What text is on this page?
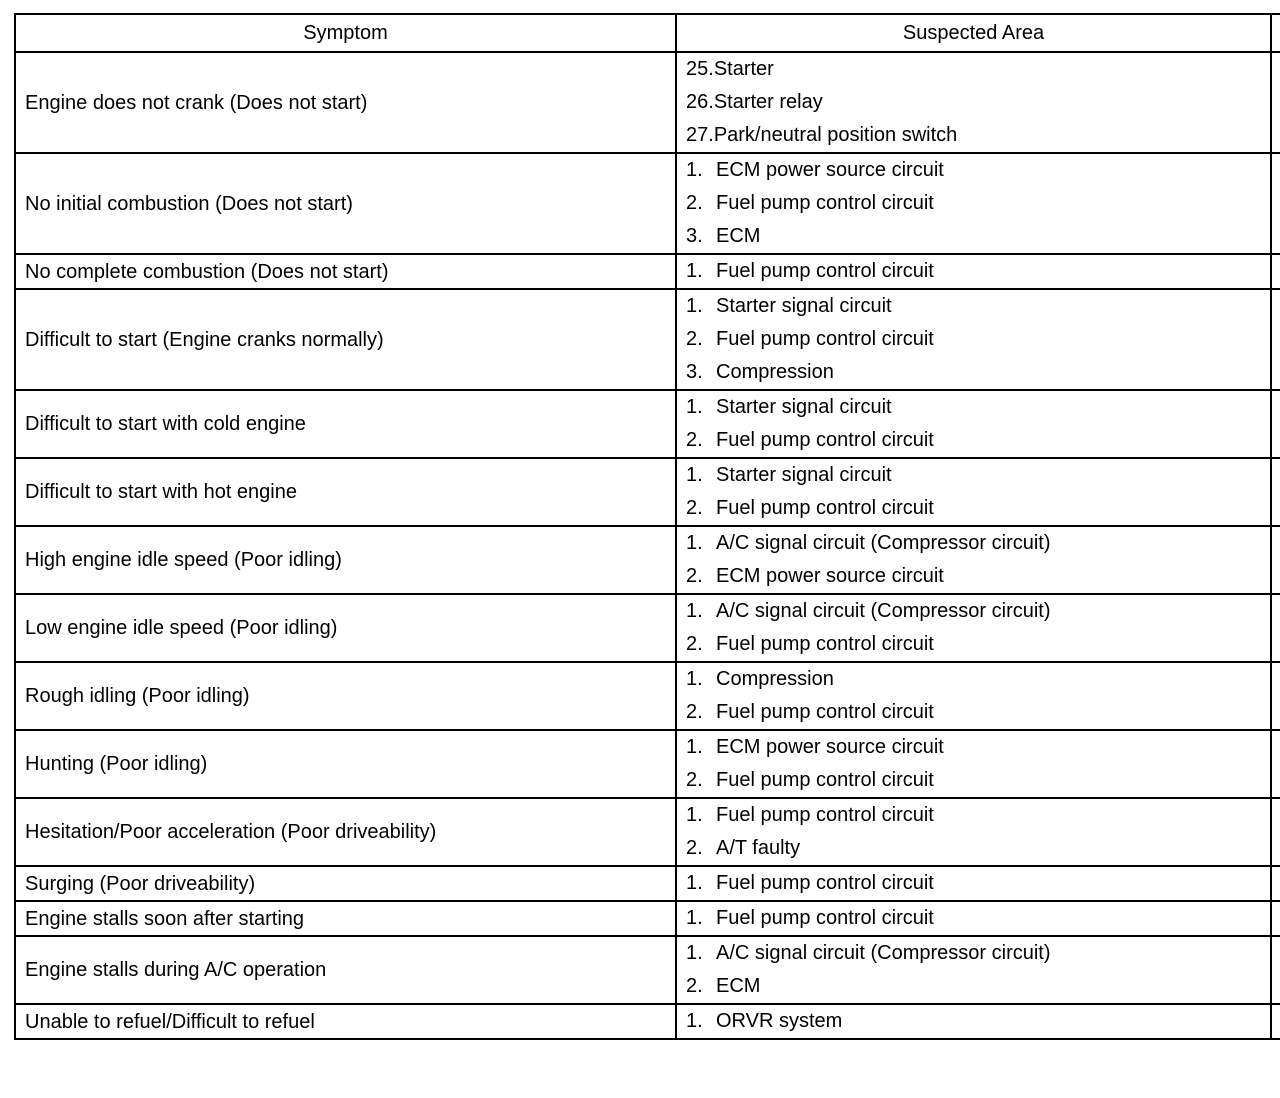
Symptom	Suspected Area	
Engine does not crank (Does not start)	25.Starter
26.Starter relay
27.Park/neutral position switch	

No initial combustion (Does not start)	1. ECM power source circuit
2. Fuel pump control circuit
3. ECM	

No complete combustion (Does not start)	1. Fuel pump control circuit	

Difficult to start (Engine cranks normally)	1. Starter signal circuit
2. Fuel pump control circuit
3. Compression	

Difficult to start with cold engine	1. Starter signal circuit
2. Fuel pump control circuit	

Difficult to start with hot engine	1. Starter signal circuit
2. Fuel pump control circuit	

High engine idle speed (Poor idling)	1. A/C signal circuit (Compressor circuit)
2. ECM power source circuit	

Low engine idle speed (Poor idling)	1. A/C signal circuit (Compressor circuit)
2. Fuel pump control circuit	

Rough idling (Poor idling)	1. Compression
2. Fuel pump control circuit	

Hunting (Poor idling)	1. ECM power source circuit
2. Fuel pump control circuit	

Hesitation/Poor acceleration (Poor driveability)	1. Fuel pump control circuit
2. A/T faulty	

Surging (Poor driveability)	1. Fuel pump control circuit	

Engine stalls soon after starting	1. Fuel pump control circuit	

Engine stalls during A/C operation	1. A/C signal circuit (Compressor circuit)
2. ECM	

Unable to refuel/Difficult to refuel	1. ORVR system	
